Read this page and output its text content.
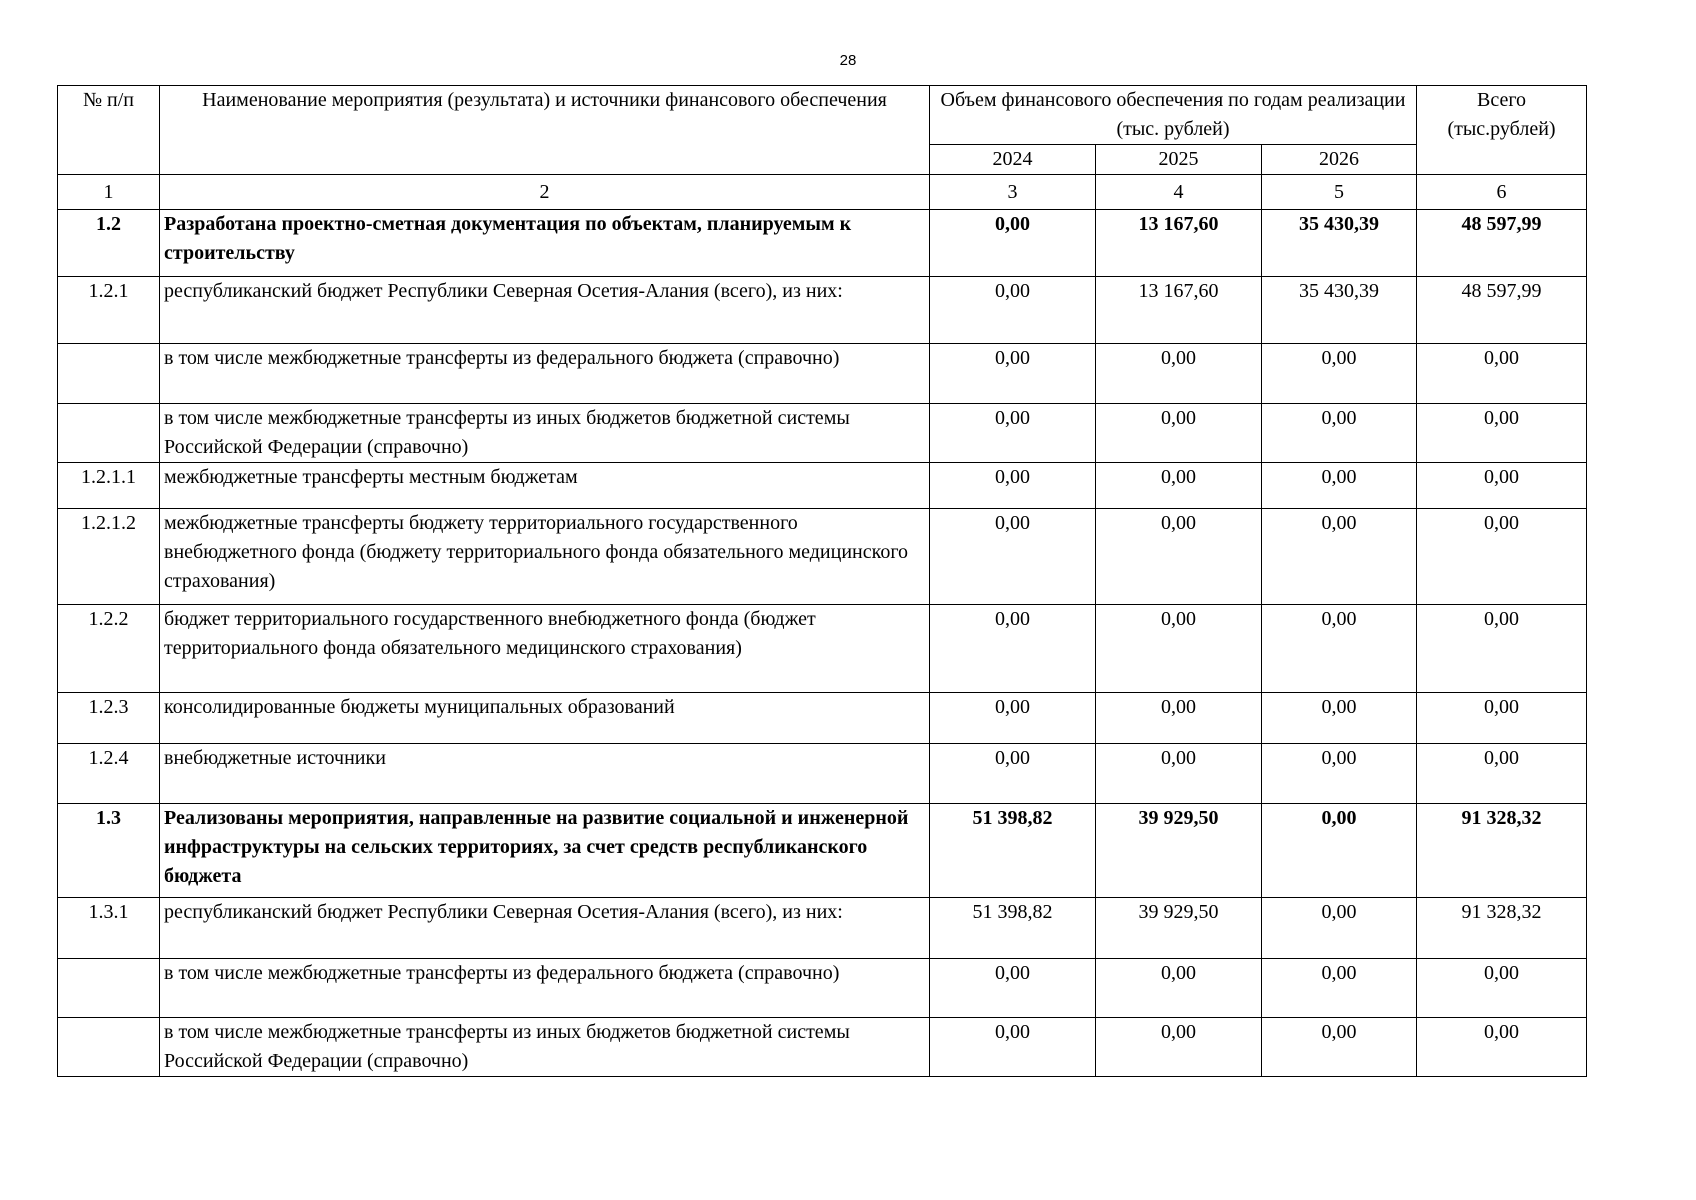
28
№ п/п	Наименование мероприятия (результата) и источники финансового обеспечения	Объем финансового обеспечения по годам реализации (тыс. рублей)			Всего (тыс.рублей)
		2024	2025	2026	
1	2	3	4	5	6
1.2	Разработана проектно-сметная документация по объектам, планируемым к строительству	0,00	13 167,60	35 430,39	48 597,99
1.2.1	республиканский бюджет Республики Северная Осетия-Алания (всего), из них:	0,00	13 167,60	35 430,39	48 597,99
	в том числе межбюджетные трансферты из федерального бюджета (справочно)	0,00	0,00	0,00	0,00
	в том числе межбюджетные трансферты из иных бюджетов бюджетной системы Российской Федерации (справочно)	0,00	0,00	0,00	0,00
1.2.1.1	межбюджетные трансферты местным бюджетам	0,00	0,00	0,00	0,00
1.2.1.2	межбюджетные трансферты бюджету территориального государственного внебюджетного фонда (бюджету территориального фонда обязательного медицинского страхования)	0,00	0,00	0,00	0,00
1.2.2	бюджет территориального государственного внебюджетного фонда (бюджет территориального фонда обязательного медицинского страхования)	0,00	0,00	0,00	0,00
1.2.3	консолидированные бюджеты муниципальных образований	0,00	0,00	0,00	0,00
1.2.4	внебюджетные источники	0,00	0,00	0,00	0,00
1.3	Реализованы мероприятия, направленные на развитие социальной и инженерной инфраструктуры на сельских территориях, за счет средств республиканского бюджета	51 398,82	39 929,50	0,00	91 328,32
1.3.1	республиканский бюджет Республики Северная Осетия-Алания (всего), из них:	51 398,82	39 929,50	0,00	91 328,32
	в том числе межбюджетные трансферты из федерального бюджета (справочно)	0,00	0,00	0,00	0,00
	в том числе межбюджетные трансферты из иных бюджетов бюджетной системы Российской Федерации (справочно)	0,00	0,00	0,00	0,00
